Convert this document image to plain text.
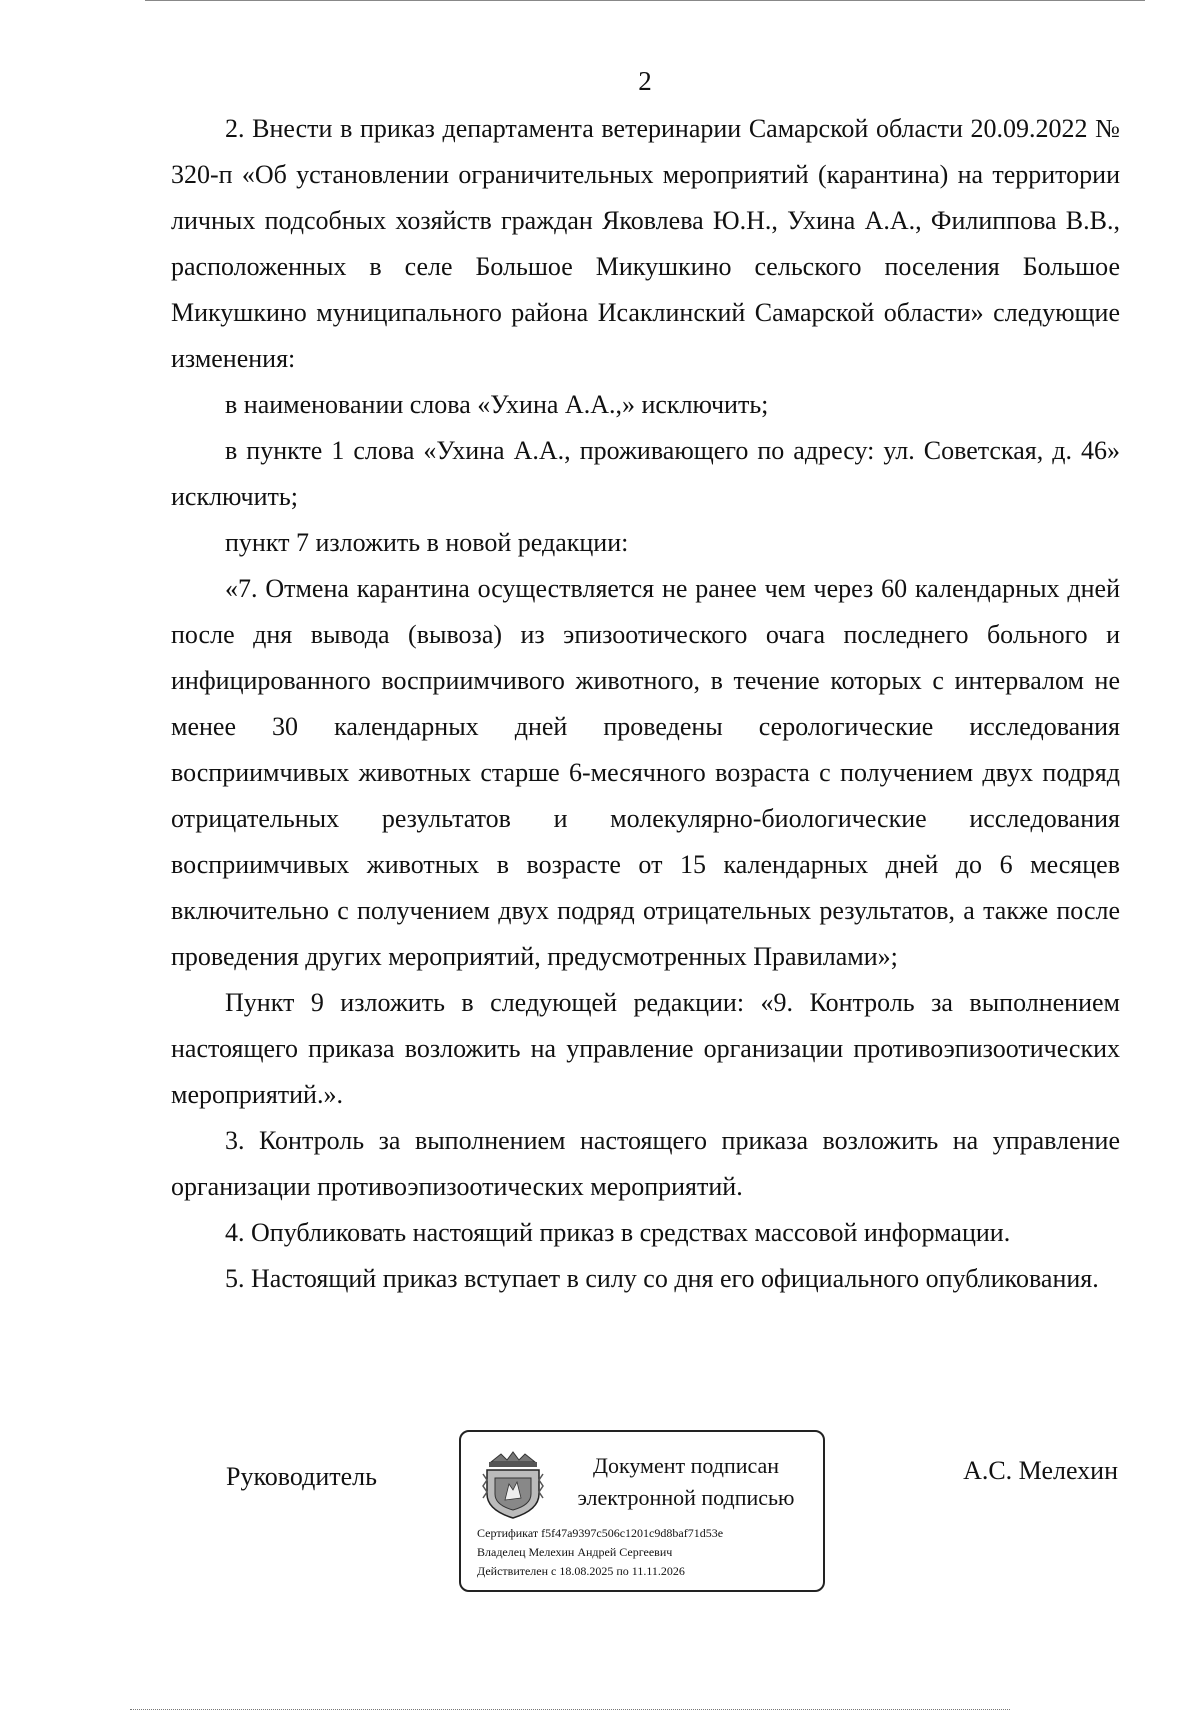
2

2. Внести в приказ департамента ветеринарии Самарской области 20.09.2022 № 320-п «Об установлении ограничительных мероприятий (карантина) на территории личных подсобных хозяйств граждан Яковлева Ю.Н., Ухина А.А., Филиппова В.В., расположенных в селе Большое Микушкино сельского поселения Большое Микушкино муниципального района Исаклинский Самарской области» следующие изменения:

в наименовании слова «Ухина А.А.,» исключить;

в пункте 1 слова «Ухина А.А., проживающего по адресу: ул. Советская, д. 46» исключить;

пункт 7 изложить в новой редакции:

«7. Отмена карантина осуществляется не ранее чем через 60 календарных дней после дня вывода (вывоза) из эпизоотического очага последнего больного и инфицированного восприимчивого животного, в течение которых с интервалом не менее 30 календарных дней проведены серологические исследования восприимчивых животных старше 6-месячного возраста с получением двух подряд отрицательных результатов и молекулярно-биологические исследования восприимчивых животных в возрасте от 15 календарных дней до 6 месяцев включительно с получением двух подряд отрицательных результатов, а также после проведения других мероприятий, предусмотренных Правилами»;

Пункт 9 изложить в следующей редакции: «9. Контроль за выполнением настоящего приказа возложить на управление организации противоэпизоотических мероприятий.».

3. Контроль за выполнением настоящего приказа возложить на управление организации противоэпизоотических мероприятий.

4. Опубликовать настоящий приказ в средствах массовой информации.

5. Настоящий приказ вступает в силу со дня его официального опубликования.

Руководитель	Документ подписан
электронной подписью
Сертификат f5f47a9397c506c1201c9d8baf71d53e
Владелец Мелехин Андрей Сергеевич
Действителен с 18.08.2025 по 11.11.2026
А.С. Мелехин
